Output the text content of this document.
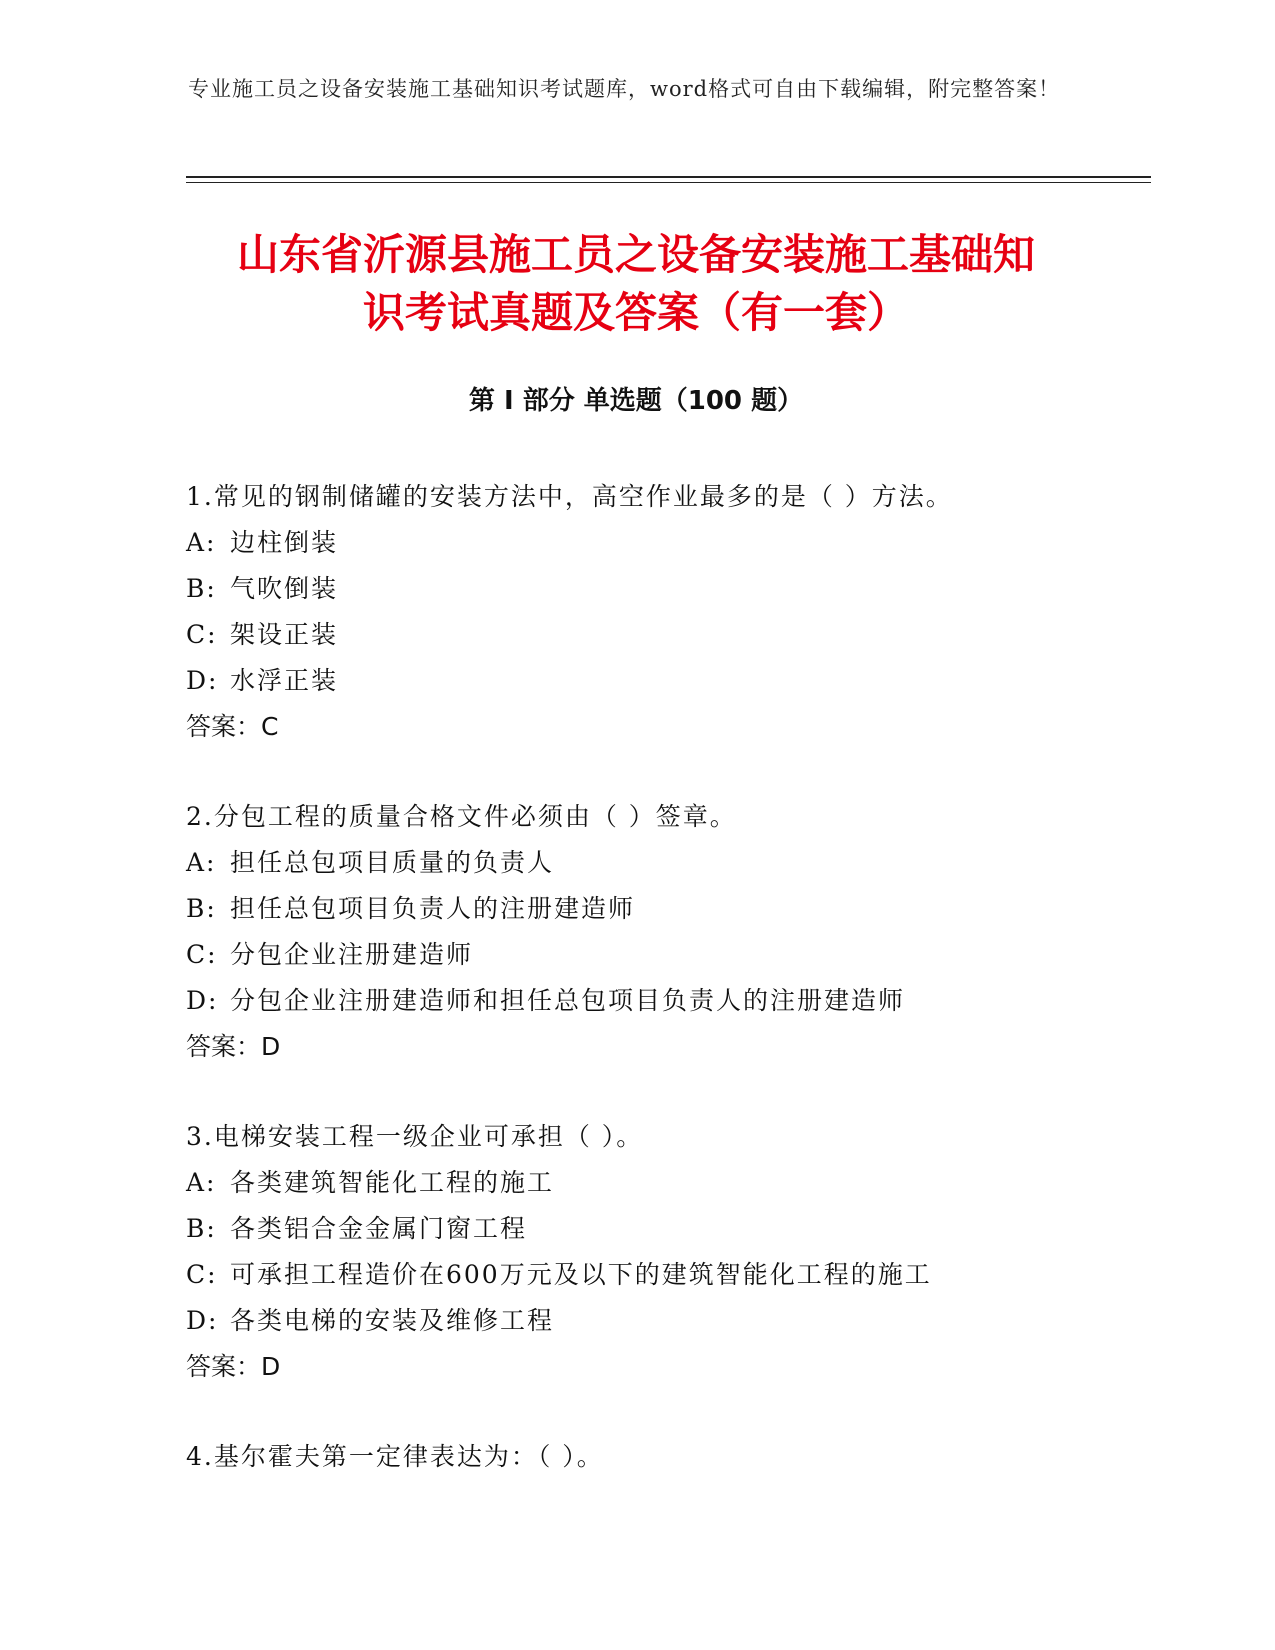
专业施工员之设备安装施工基础知识考试题库，word格式可自由下载编辑，附完整答案！
山东省沂源县施工员之设备安装施工基础知
识考试真题及答案（有一套）
第 I 部分 单选题（100 题）
1.常见的钢制储罐的安装方法中，高空作业最多的是（ ）方法。
A: 边柱倒装
B: 气吹倒装
C: 架设正装
D: 水浮正装
答案：C
2.分包工程的质量合格文件必须由（ ）签章。
A: 担任总包项目质量的负责人
B: 担任总包项目负责人的注册建造师
C: 分包企业注册建造师
D: 分包企业注册建造师和担任总包项目负责人的注册建造师
答案：D
3.电梯安装工程一级企业可承担（ ）。
A: 各类建筑智能化工程的施工
B: 各类铝合金金属门窗工程
C: 可承担工程造价在600万元及以下的建筑智能化工程的施工
D: 各类电梯的安装及维修工程
答案：D
4.基尔霍夫第一定律表达为：（ ）。
